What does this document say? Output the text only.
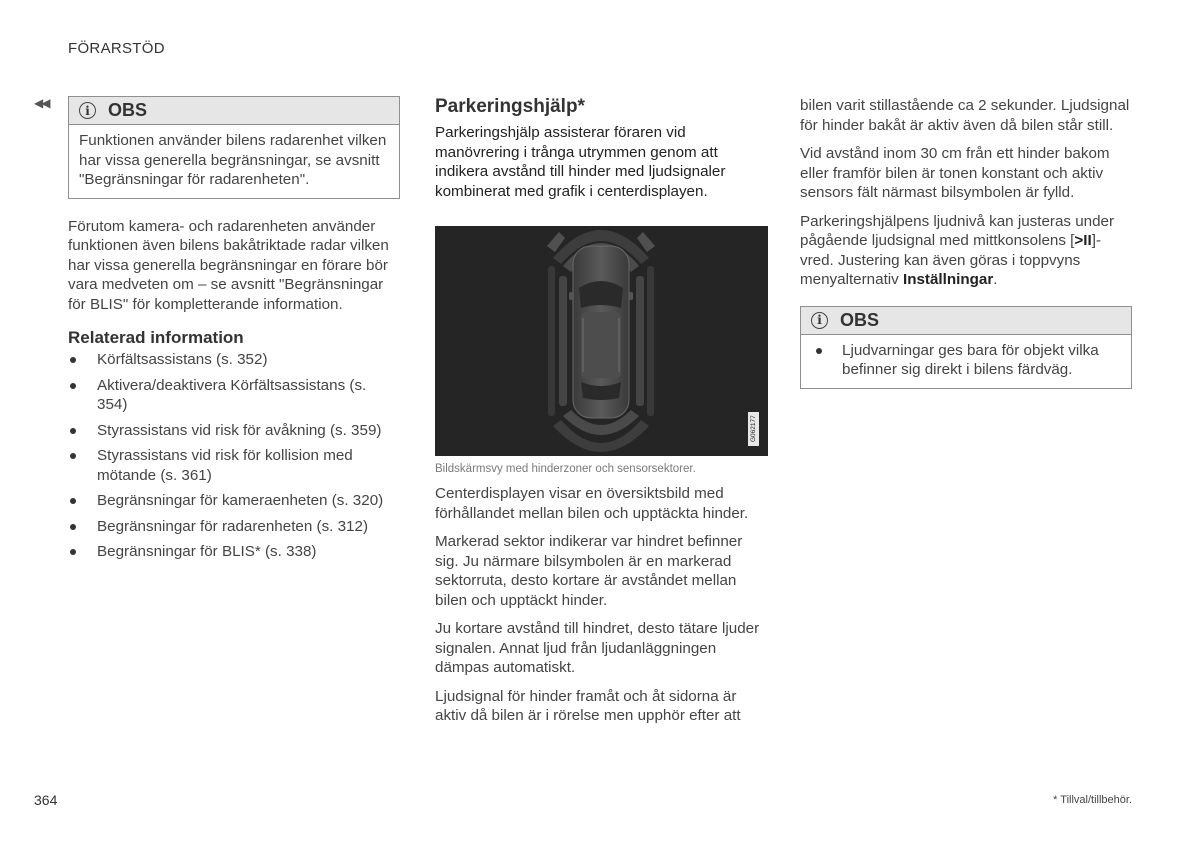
FÖRARSTÖD
◀◀
i	OBS
Funktionen använder bilens radarenhet vilken har vissa generella begränsningar, se avsnitt "Begränsningar för radarenheten".

Förutom kamera- och radarenheten använder funktionen även bilens bakåtriktade radar vilken har vissa generella begränsningar en förare bör vara medveten om – se avsnitt "Begränsningar för BLIS" för kompletterande information.

Relaterad information
Körfältsassistans (s. 352)
Aktivera/deaktivera Körfältsassistans (s. 354)
Styrassistans vid risk för avåkning (s. 359)
Styrassistans vid risk för kollision med mötande (s. 361)
Begränsningar för kameraenheten (s. 320)
Begränsningar för radarenheten (s. 312)
Begränsningar för BLIS* (s. 338)
Parkeringshjälp*

Parkeringshjälp assisterar föraren vid manövrering i trånga utrymmen genom att indikera avstånd till hinder med ljudsignaler kombinerat med grafik i centerdisplayen.

G062177
Bildskärmsvy med hinderzoner och sensorsektorer.

Centerdisplayen visar en översiktsbild med förhållandet mellan bilen och upptäckta hinder.

Markerad sektor indikerar var hindret befinner sig. Ju närmare bilsymbolen är en markerad sektorruta, desto kortare är avståndet mellan bilen och upptäckt hinder.

Ju kortare avstånd till hindret, desto tätare ljuder signalen. Annat ljud från ljudanläggningen dämpas automatiskt.

Ljudsignal för hinder framåt och åt sidorna är aktiv då bilen är i rörelse men upphör efter att

bilen varit stillastående ca 2 sekunder. Ljudsignal för hinder bakåt är aktiv även då bilen står still.

Vid avstånd inom 30 cm från ett hinder bakom eller framför bilen är tonen konstant och aktiv sensors fält närmast bilsymbolen är fylld.

Parkeringshjälpens ljudnivå kan justeras under pågående ljudsignal med mittkonsolens [>II]-vred. Justering kan även göras i toppvyns menyalternativ Inställningar.

i	OBS
Ljudvarningar ges bara för objekt vilka befinner sig direkt i bilens färdväg.
364	* Tillval/tillbehör.
